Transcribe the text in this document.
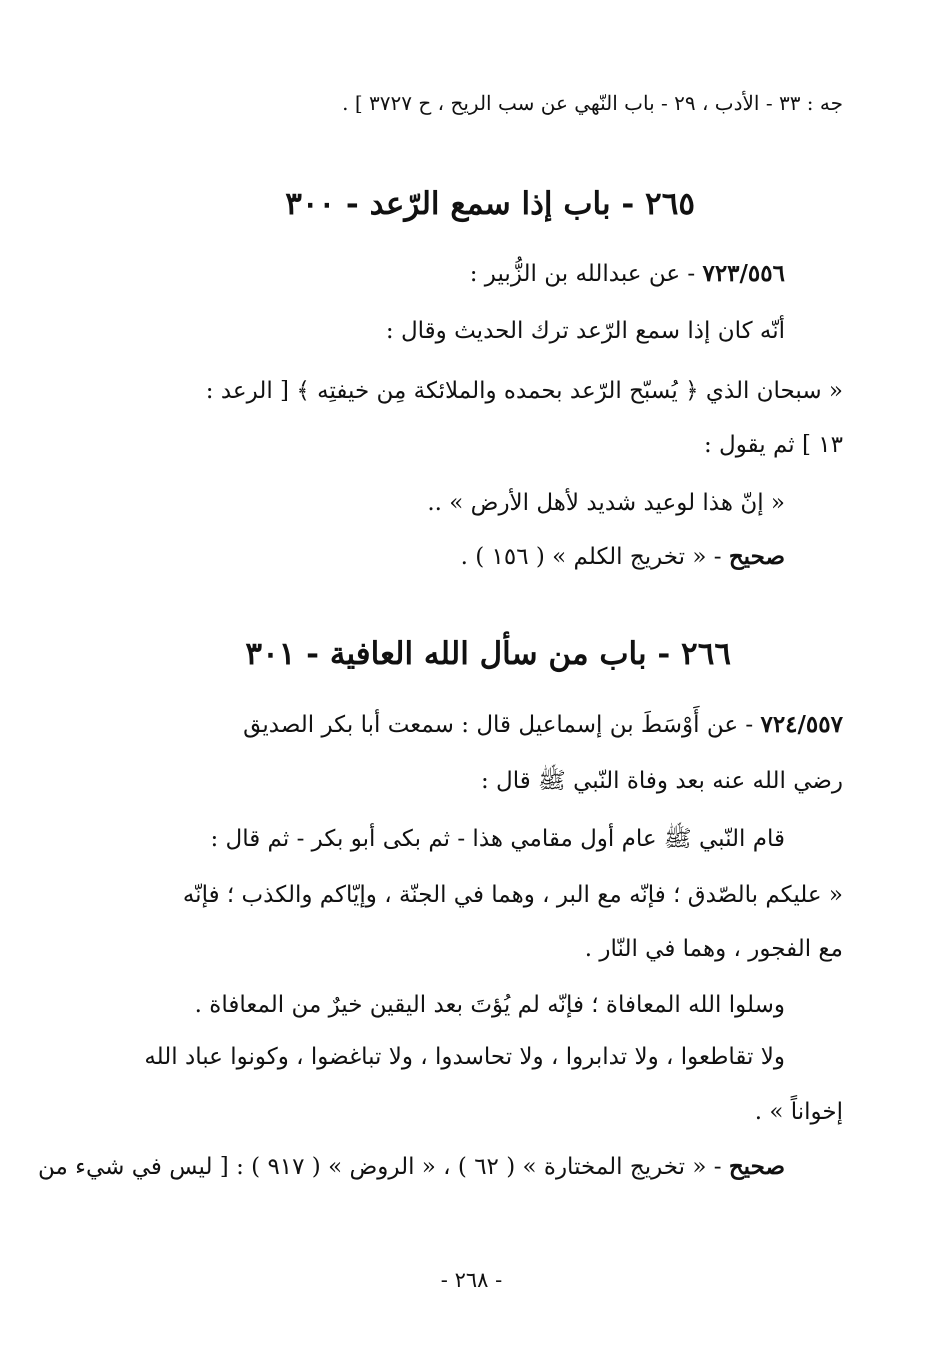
جه : ٣٣ - الأدب ، ٢٩ - باب النّهي عن سب الريح ، ح ٣٧٢٧ ] .
٢٦٥ - باب إذا سمع الرّعد - ٣٠٠
٧٢٣/٥٥٦ - عن عبدالله بن الزُّبير :
أنّه كان إذا سمع الرّعد ترك الحديث وقال :
« سبحان الذي ﴿ يُسبّح الرّعد بحمده والملائكة مِن خيفتِه ﴾ [ الرعد :
١٣ ] ثم يقول :
« إنّ هذا لوعيد شديد لأهل الأرض » ..
صحيح - « تخريج الكلم » ( ١٥٦ ) .
٢٦٦ - باب من سأل الله العافية - ٣٠١
٧٢٤/٥٥٧ - عن أَوْسَطَ بن إسماعيل قال : سمعت أبا بكر الصديق
رضي الله عنه بعد وفاة النّبي ﷺ قال :
قام النّبي ﷺ عام أول مقامي هذا - ثم بكى أبو بكر - ثم قال :
« عليكم بالصّدق ؛ فإنّه مع البر ، وهما في الجنّة ، وإيّاكم والكذب ؛ فإنّه
مع الفجور ، وهما في النّار .
وسلوا الله المعافاة ؛ فإنّه لم يُؤتَ بعد اليقين خيرٌ من المعافاة .
ولا تقاطعوا ، ولا تدابروا ، ولا تحاسدوا ، ولا تباغضوا ، وكونوا عباد الله
إخواناً » .
صحيح - « تخريج المختارة » ( ٦٢ ) ، « الروض » ( ٩١٧ ) : [ ليس في شيء من
- ٢٦٨ -
